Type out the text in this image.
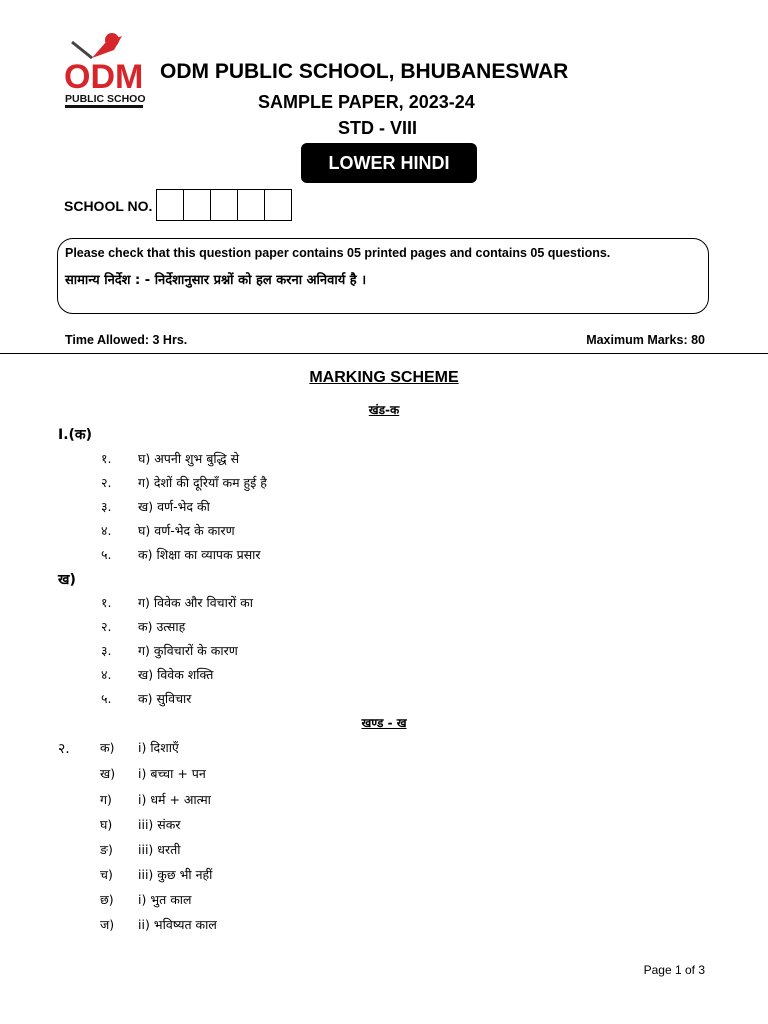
ODM
PUBLIC SCHOOL
ODM PUBLIC SCHOOL, BHUBANESWAR
SAMPLE PAPER, 2023-24
STD - VIII
LOWER HINDI
SCHOOL NO.
Please check that this question paper contains 05 printed pages and contains 05 questions.
सामान्य निर्देश : - निर्देशानुसार प्रश्नों को हल करना अनिवार्य है ।
Time Allowed: 3 Hrs.	Maximum Marks: 80
MARKING SCHEME
खंड-क
I.(क)
१. घ) अपनी शुभ बुद्धि से
२. ग) देशों की दूरियाँ कम हुई है
३. ख) वर्ण-भेद की
४. घ) वर्ण-भेद के कारण
५. क) शिक्षा का व्यापक प्रसार
ख)
१. ग) विवेक और विचारों का
२. क) उत्साह
३. ग) कुविचारों के कारण
४. ख) विवेक शक्ति
५. क) सुविचार
खण्ड - ख
२. क) i) दिशाएँ
ख) i) बच्चा + पन
ग) i) धर्म + आत्मा
घ) iii) संकर
ङ) iii) धरती
च) iii) कुछ भी नहीं
छ) i) भुत काल
ज) ii) भविष्यत काल
Page 1 of 3
